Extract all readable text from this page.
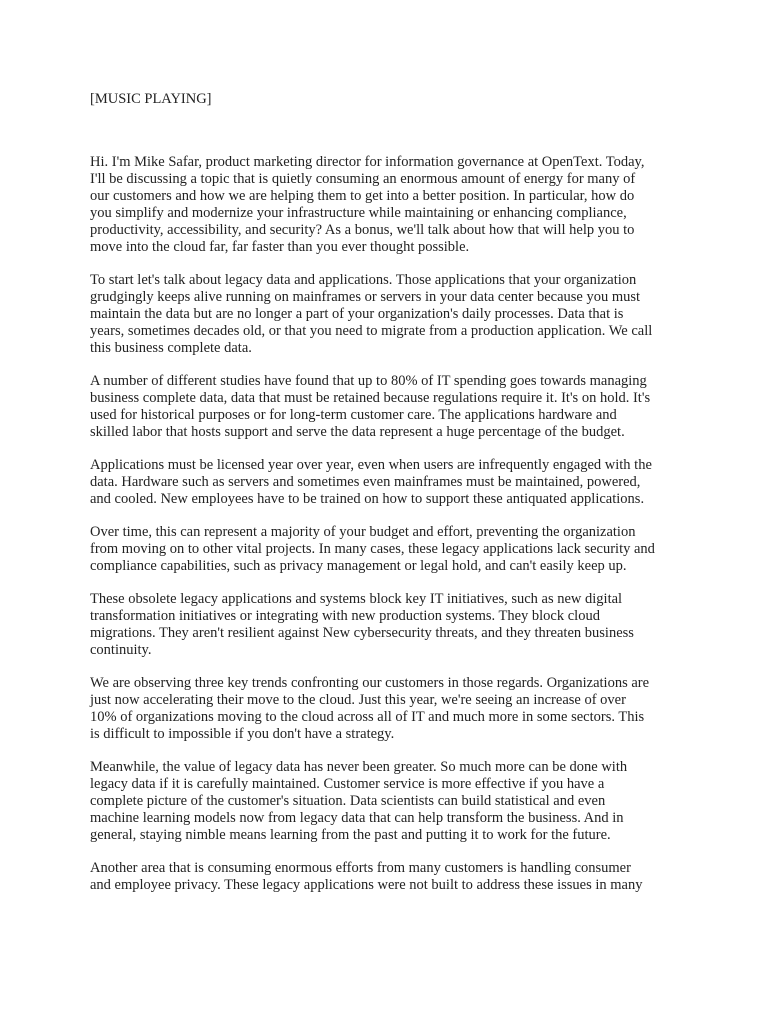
[MUSIC PLAYING]
Hi. I'm Mike Safar, product marketing director for information governance at OpenText. Today,
I'll be discussing a topic that is quietly consuming an enormous amount of energy for many of
our customers and how we are helping them to get into a better position. In particular, how do
you simplify and modernize your infrastructure while maintaining or enhancing compliance,
productivity, accessibility, and security? As a bonus, we'll talk about how that will help you to
move into the cloud far, far faster than you ever thought possible.
To start let's talk about legacy data and applications. Those applications that your organization
grudgingly keeps alive running on mainframes or servers in your data center because you must
maintain the data but are no longer a part of your organization's daily processes. Data that is
years, sometimes decades old, or that you need to migrate from a production application. We call
this business complete data.
A number of different studies have found that up to 80% of IT spending goes towards managing
business complete data, data that must be retained because regulations require it. It's on hold. It's
used for historical purposes or for long-term customer care. The applications hardware and
skilled labor that hosts support and serve the data represent a huge percentage of the budget.
Applications must be licensed year over year, even when users are infrequently engaged with the
data. Hardware such as servers and sometimes even mainframes must be maintained, powered,
and cooled. New employees have to be trained on how to support these antiquated applications.
Over time, this can represent a majority of your budget and effort, preventing the organization
from moving on to other vital projects. In many cases, these legacy applications lack security and
compliance capabilities, such as privacy management or legal hold, and can't easily keep up.
These obsolete legacy applications and systems block key IT initiatives, such as new digital
transformation initiatives or integrating with new production systems. They block cloud
migrations. They aren't resilient against New cybersecurity threats, and they threaten business
continuity.
We are observing three key trends confronting our customers in those regards. Organizations are
just now accelerating their move to the cloud. Just this year, we're seeing an increase of over
10% of organizations moving to the cloud across all of IT and much more in some sectors. This
is difficult to impossible if you don't have a strategy.
Meanwhile, the value of legacy data has never been greater. So much more can be done with
legacy data if it is carefully maintained. Customer service is more effective if you have a
complete picture of the customer's situation. Data scientists can build statistical and even
machine learning models now from legacy data that can help transform the business. And in
general, staying nimble means learning from the past and putting it to work for the future.
Another area that is consuming enormous efforts from many customers is handling consumer
and employee privacy. These legacy applications were not built to address these issues in many
